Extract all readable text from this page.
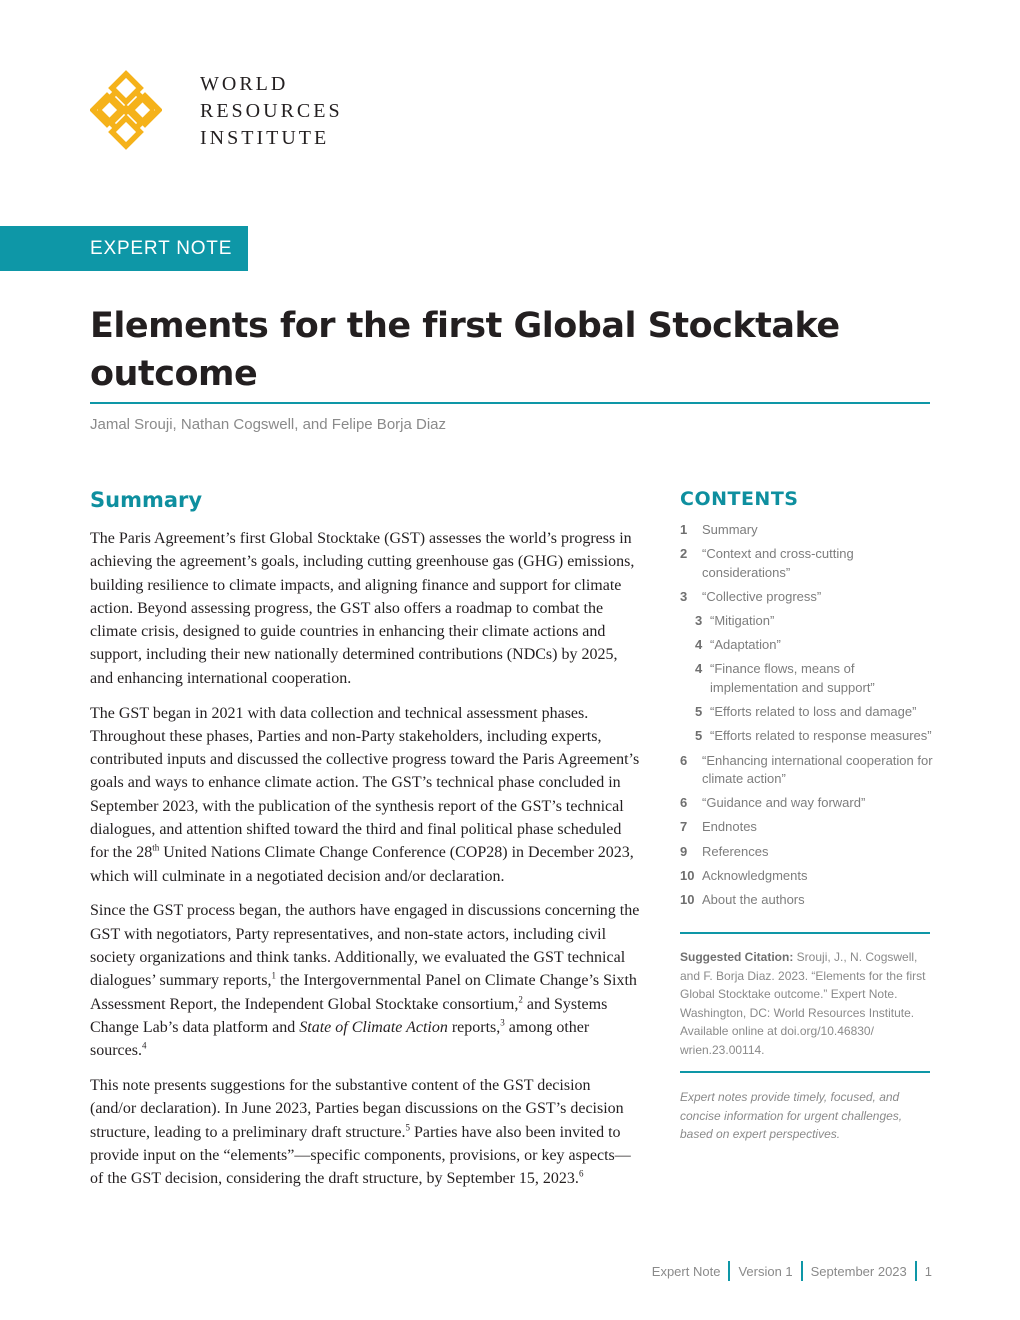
WORLD
RESOURCES
INSTITUTE
EXPERT NOTE
Elements for the first Global Stocktake outcome
Jamal Srouji, Nathan Cogswell, and Felipe Borja Diaz
Summary

The Paris Agreement’s first Global Stocktake (GST) assesses the world’s progress in achieving the agreement’s goals, including cutting greenhouse gas (GHG) emissions, building resilience to climate impacts, and aligning finance and support for climate action. Beyond assessing progress, the GST also offers a roadmap to combat the climate crisis, designed to guide countries in enhancing their climate actions and support, including their new nationally determined contributions (NDCs) by 2025, and enhancing international cooperation.

The GST began in 2021 with data collection and technical assessment phases. Throughout these phases, Parties and non-Party stakeholders, including experts, contributed inputs and discussed the collective progress toward the Paris Agreement’s goals and ways to enhance climate action. The GST’s technical phase concluded in September 2023, with the publication of the synthesis report of the GST’s technical dialogues, and attention shifted toward the third and final political phase scheduled for the 28th United Nations Climate Change Conference (COP28) in December 2023, which will culminate in a negotiated decision and/or declaration.

Since the GST process began, the authors have engaged in discussions concerning the GST with negotiators, Party representatives, and non-state actors, including civil society organizations and think tanks. Additionally, we evaluated the GST technical dialogues’ summary reports,$^1$ the Intergovernmental Panel on Climate Change’s Sixth Assessment Report, the Independent Global Stocktake consortium,$^2$ and Systems Change Lab’s data platform and State of Climate Action reports,$^3$ among other sources.$^4$

This note presents suggestions for the substantive content of the GST decision (and/or declaration). In June 2023, Parties began discussions on the GST’s decision structure, leading to a preliminary draft structure.$^5$ Parties have also been invited to provide input on the “elements”—specific components, provisions, or key aspects—of the GST decision, considering the draft structure, by September 15, 2023.$^6$

CONTENTS
1	Summary
2	“Context and cross-cutting considerations”
3	“Collective progress”
3 “Mitigation”
4 “Adaptation”
4 “Finance flows, means of implementation and support”
5 “Efforts related to loss and damage”
5 “Efforts related to response measures”
6	“Enhancing international cooperation for climate action”
6	“Guidance and way forward”
7	Endnotes
9	References
10 Acknowledgments
10 About the authors
Suggested Citation: Srouji, J., N. Cogswell, and F. Borja Diaz. 2023. “Elements for the first Global Stocktake outcome.” Expert Note. Washington, DC: World Resources Institute. Available online at doi.org/10.46830/ wrien.23.00114.
Expert notes provide timely, focused, and concise information for urgent challenges, based on expert perspectives.
Expert Note Version 1 September 2023 1
